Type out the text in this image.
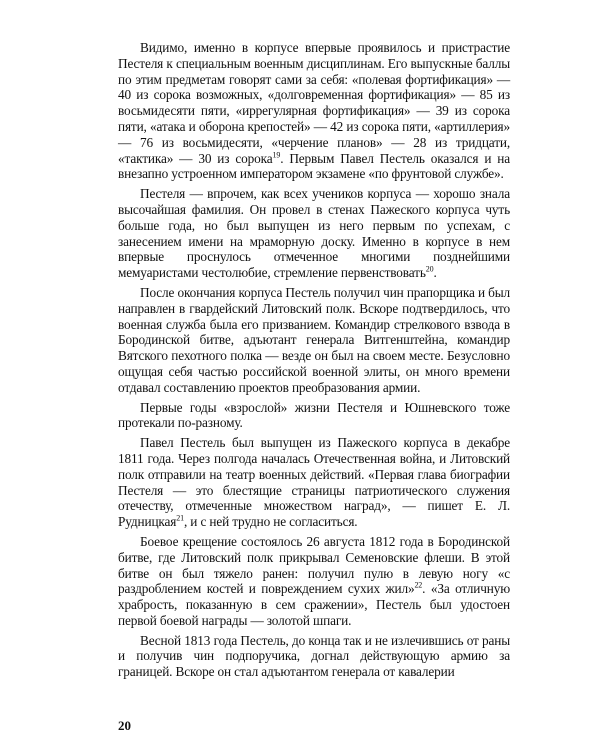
Видимо, именно в корпусе впервые проявилось и пристрастие Пестеля к специальным военным дисциплинам. Его выпускные баллы по этим предметам говорят сами за себя: «полевая фортификация» — 40 из сорока возможных, «долговременная фортификация» — 85 из восьмидесяти пяти, «иррегулярная фортификация» — 39 из сорока пяти, «атака и оборона крепостей» — 42 из сорока пяти, «артиллерия» — 76 из восьмидесяти, «черчение планов» — 28 из тридцати, «тактика» — 30 из сорока$^{19}$. Первым Павел Пестель оказался и на внезапно устроенном императором экзамене «по фрунтовой службе».

Пестеля — впрочем, как всех учеников корпуса — хорошо знала высочайшая фамилия. Он провел в стенах Пажеского корпуса чуть больше года, но был выпущен из него первым по успехам, с занесением имени на мраморную доску. Именно в корпусе в нем впервые проснулось отмеченное многими позднейшими мемуаристами честолюбие, стремление первенствовать$^{20}$.

После окончания корпуса Пестель получил чин прапорщика и был направлен в гвардейский Литовский полк. Вскоре подтвердилось, что военная служба была его призванием. Командир стрелкового взвода в Бородинской битве, адъютант генерала Витгенштейна, командир Вятского пехотного полка — везде он был на своем месте. Безусловно ощущая себя частью российской военной элиты, он много времени отдавал составлению проектов преобразования армии.

Первые годы «взрослой» жизни Пестеля и Юшневского тоже протекали по-разному.

Павел Пестель был выпущен из Пажеского корпуса в декабре 1811 года. Через полгода началась Отечественная война, и Литовский полк отправили на театр военных действий. «Первая глава биографии Пестеля — это блестящие страницы патриотического служения отечеству, отмеченные множеством наград», — пишет Е. Л. Рудницкая$^{21}$, и с ней трудно не согласиться.

Боевое крещение состоялось 26 августа 1812 года в Бородинской битве, где Литовский полк прикрывал Семеновские флеши. В этой битве он был тяжело ранен: получил пулю в левую ногу «с раздроблением костей и повреждением сухих жил»$^{22}$. «За отличную храбрость, показанную в сем сражении», Пестель был удостоен первой боевой награды — золотой шпаги.

Весной 1813 года Пестель, до конца так и не излечившись от раны и получив чин подпоручика, догнал действующую армию за границей. Вскоре он стал адъютантом генерала от кавалерии

20
